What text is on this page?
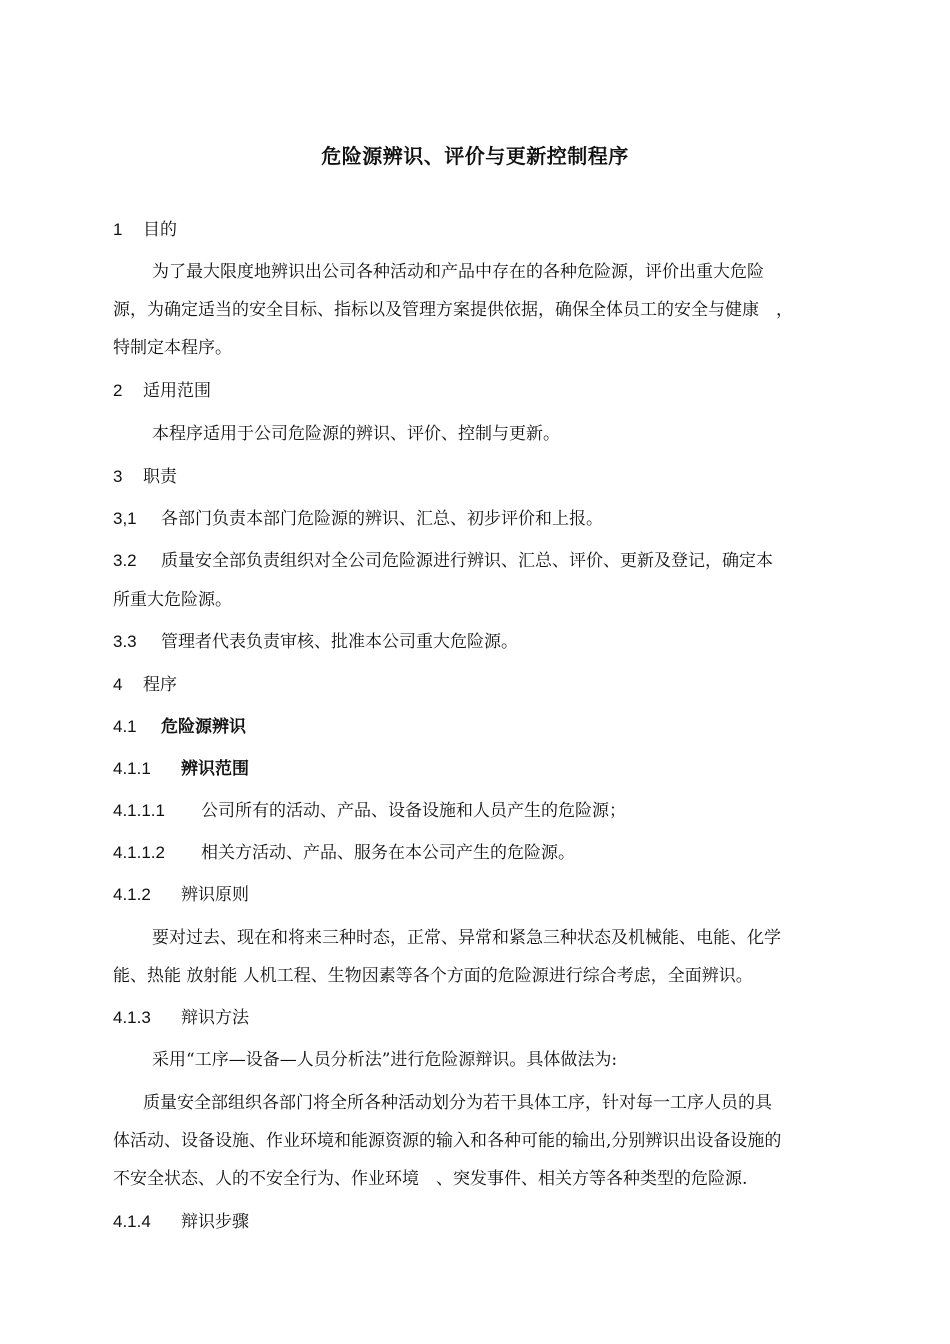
危险源辨识、评价与更新控制程序
1 目的
为了最大限度地辨识出公司各种活动和产品中存在的各种危险源，评价出重大危险
源，为确定适当的安全目标、指标以及管理方案提供依据，确保全体员工的安全与健康　，
特制定本程序。
2 适用范围
本程序适用于公司危险源的辨识、评价、控制与更新。
3 职责
3,1 各部门负责本部门危险源的辨识、汇总、初步评价和上报。
3.2 质量安全部负责组织对全公司危险源进行辨识、汇总、评价、更新及登记，确定本
所重大危险源。
3.3 管理者代表负责审核、批准本公司重大危险源。
4 程序
4.1 危险源辨识
4.1.1 辨识范围
4.1.1.1 公司所有的活动、产品、设备设施和人员产生的危险源；
4.1.1.2 相关方活动、产品、服务在本公司产生的危险源。
4.1.2 辨识原则
要对过去、现在和将来三种时态，正常、异常和紧急三种状态及机械能、电能、化学
能、热能 放射能 人机工程、生物因素等各个方面的危险源进行综合考虑，全面辨识。
4.1.3 辩识方法
采用“工序—设备—人员分析法”进行危险源辩识。具体做法为:
质量安全部组织各部门将全所各种活动划分为若干具体工序，针对每一工序人员的具
体活动、设备设施、作业环境和能源资源的输入和各种可能的输出,分别辨识出设备设施的
不安全状态、人的不安全行为、作业环境　、突发事件、相关方等各种类型的危险源.
4.1.4 辩识步骤
